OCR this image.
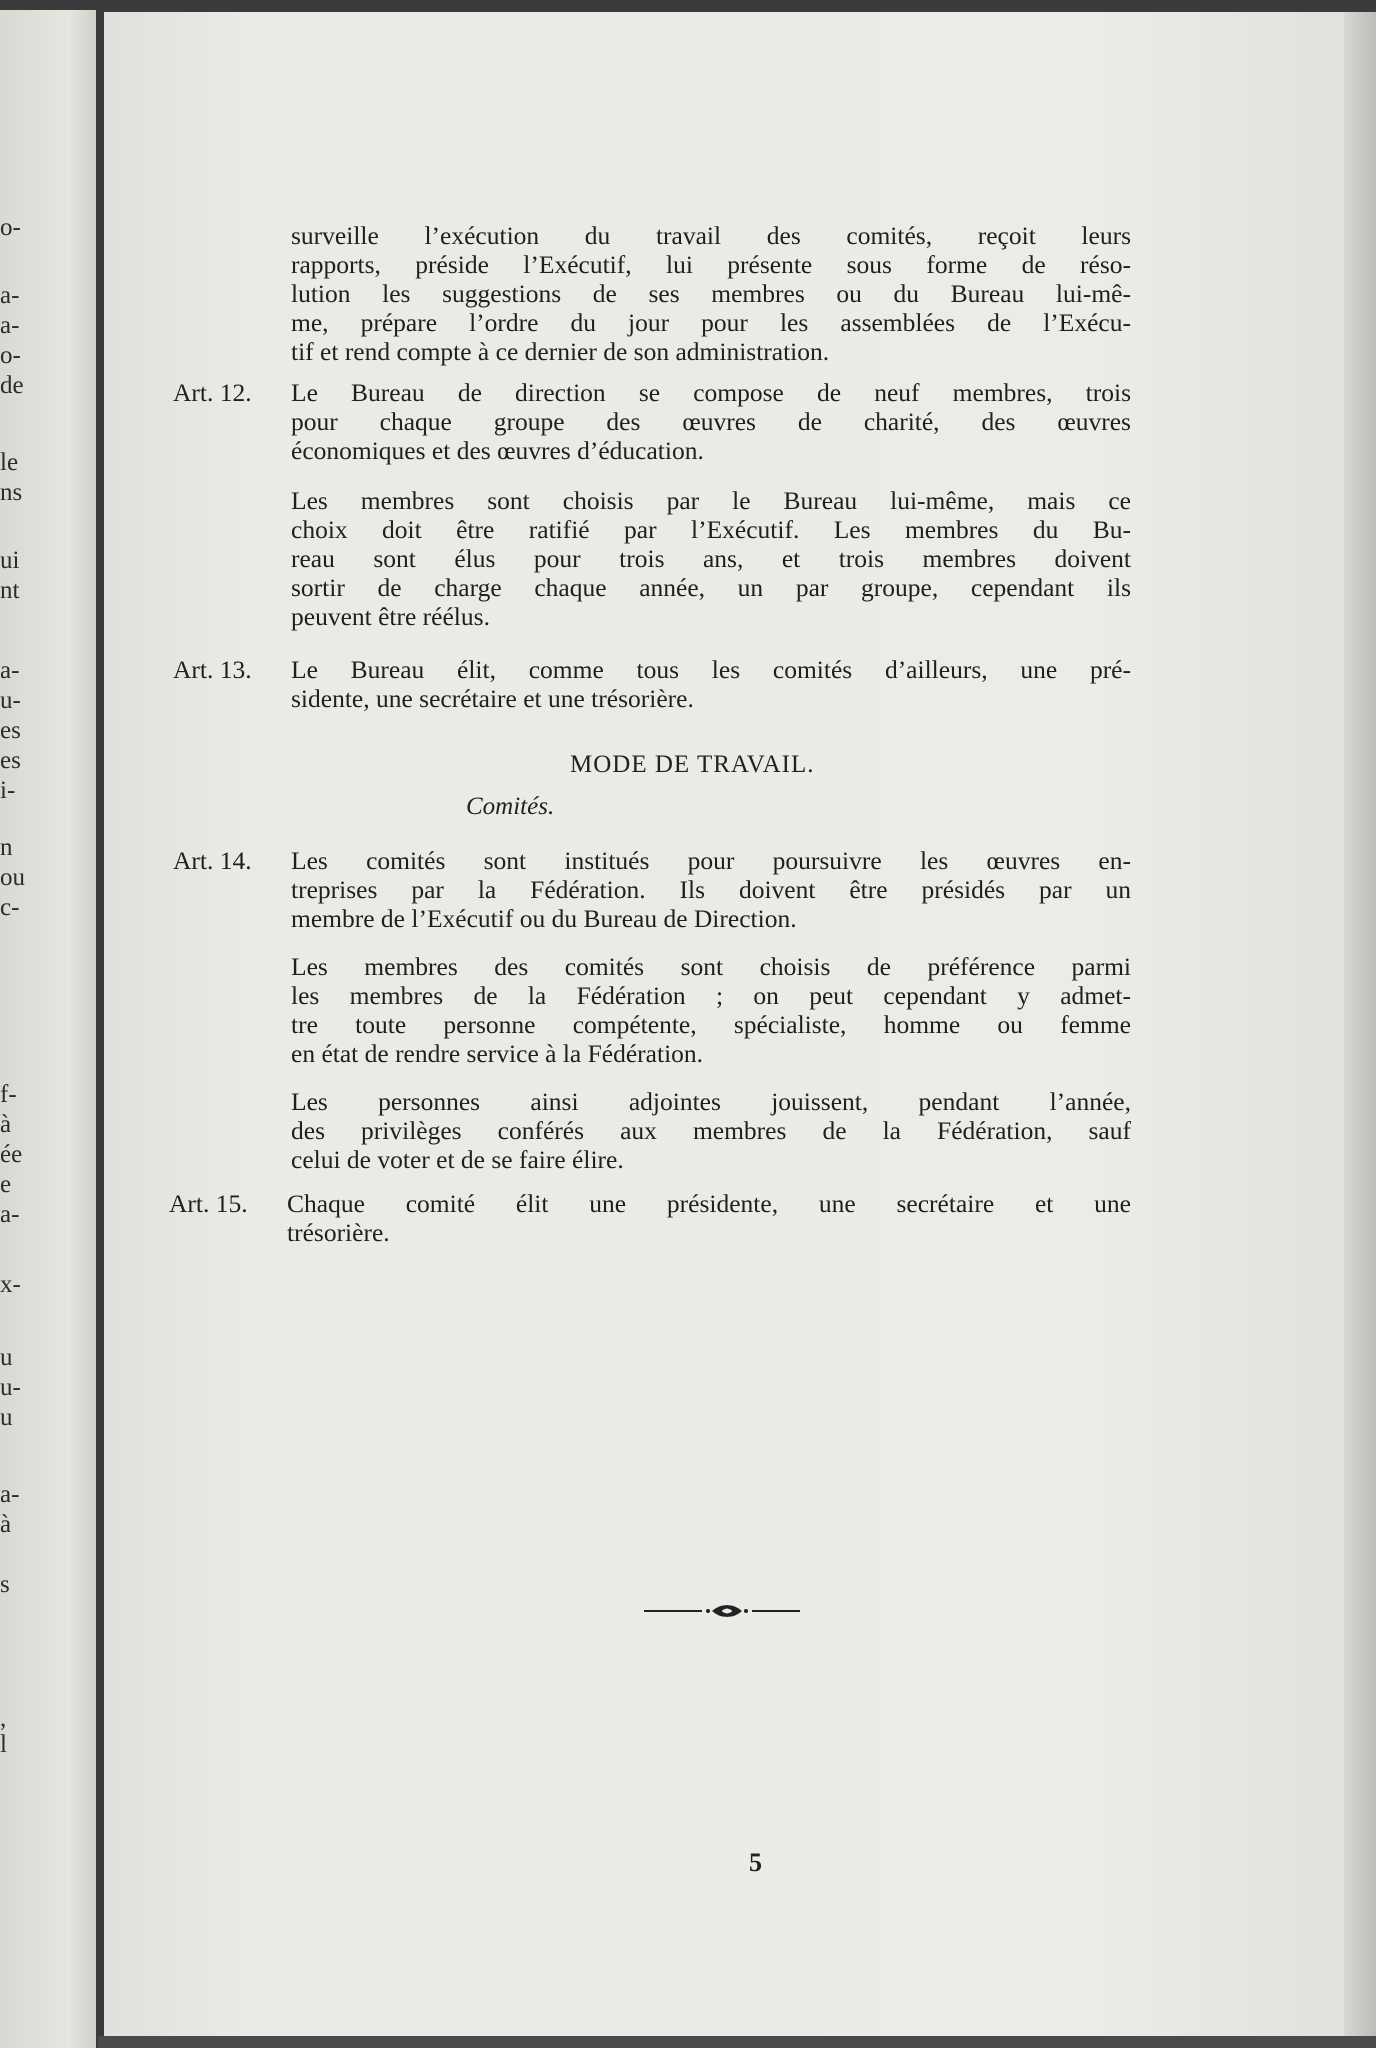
o-
a-
a-
o-
de
le
ns
ui
nt
a-
u-
es
es
i-
n
ou
c-
f-
à
ée
e
a-
x-
u
u-
u
a-
à
s
,
l
surveille l’exécution du travail des comités, reçoit leurs
rapports, préside l’Exécutif, lui présente sous forme de réso-
lution les suggestions de ses membres ou du Bureau lui-mê-
me, prépare l’ordre du jour pour les assemblées de l’Exécu-
tif et rend compte à ce dernier de son administration.
Art. 12. Le Bureau de direction se compose de neuf membres, trois
pour chaque groupe des œuvres de charité, des œuvres
économiques et des œuvres d’éducation.
Les membres sont choisis par le Bureau lui-même, mais ce
choix doit être ratifié par l’Exécutif. Les membres du Bu-
reau sont élus pour trois ans, et trois membres doivent
sortir de charge chaque année, un par groupe, cependant ils
peuvent être réélus.
Art. 13. Le Bureau élit, comme tous les comités d’ailleurs, une pré-
sidente, une secrétaire et une trésorière.
MODE DE TRAVAIL.
Comités.
Art. 14. Les comités sont institués pour poursuivre les œuvres en-
treprises par la Fédération. Ils doivent être présidés par un
membre de l’Exécutif ou du Bureau de Direction.
Les membres des comités sont choisis de préférence parmi
les membres de la Fédération ; on peut cependant y admet-
tre toute personne compétente, spécialiste, homme ou femme
en état de rendre service à la Fédération.
Les personnes ainsi adjointes jouissent, pendant l’année,
des privilèges conférés aux membres de la Fédération, sauf
celui de voter et de se faire élire.
Art. 15. Chaque comité élit une présidente, une secrétaire et une
trésorière.
5
